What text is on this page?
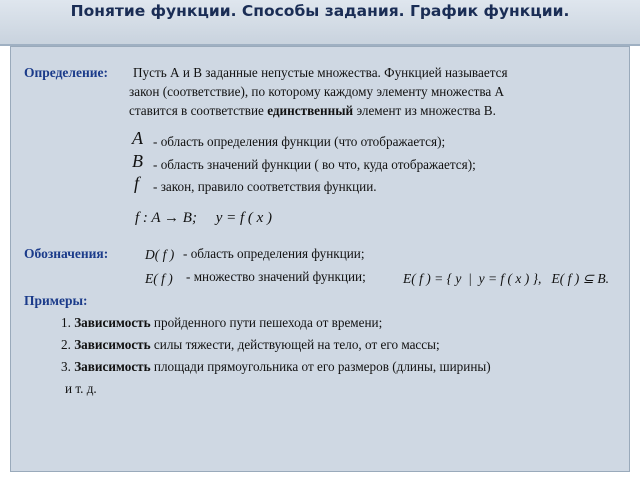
Понятие функции. Способы задания. График функции.
Определение: Пусть А и В заданные непустые множества. Функцией называется
закон (соответствие), по которому каждому элементу множества А
ставится в соответствие единственный элемент из множества В.
A - область определения функции (что отображается);
B - область значений функции ( во что, куда отображается);
f - закон, правило соответствия функции.
f : A → B;     y = f ( x )
Обозначения:	D( f ) - область определения функции;
E( f ) - множество значений функции;	E( f ) = { y  |  y = f ( x ) },   E( f ) ⊆ B.
Примеры:
1. Зависимость пройденного пути пешехода от времени;
2. Зависимость силы тяжести, действующей на тело, от его массы;
3. Зависимость площади прямоугольника от его размеров (длины, ширины)
и т. д.
